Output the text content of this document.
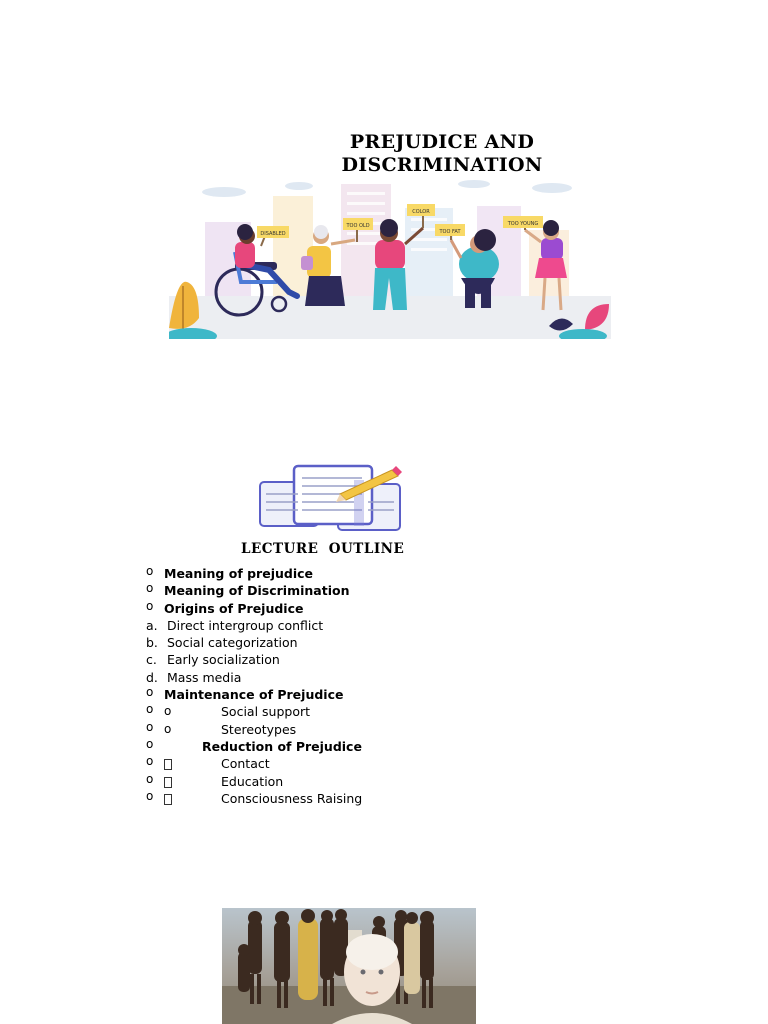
PREJUDICE AND DISCRIMINATION
DISABLED
TOO OLD
COLOR
TOO FAT
TOO YOUNG
LECTURE  OUTLINE
o Meaning of prejudice
o Meaning of Discrimination
o Origins of Prejudice
a. Direct intergroup conflict
b. Social categorization
c. Early socialization
d. Mass media
o Maintenance of Prejudice
o o	Social support
o o	Stereotypes
o	Reduction of Prejudice
o	Contact
o	Education
o	Consciousness Raising
